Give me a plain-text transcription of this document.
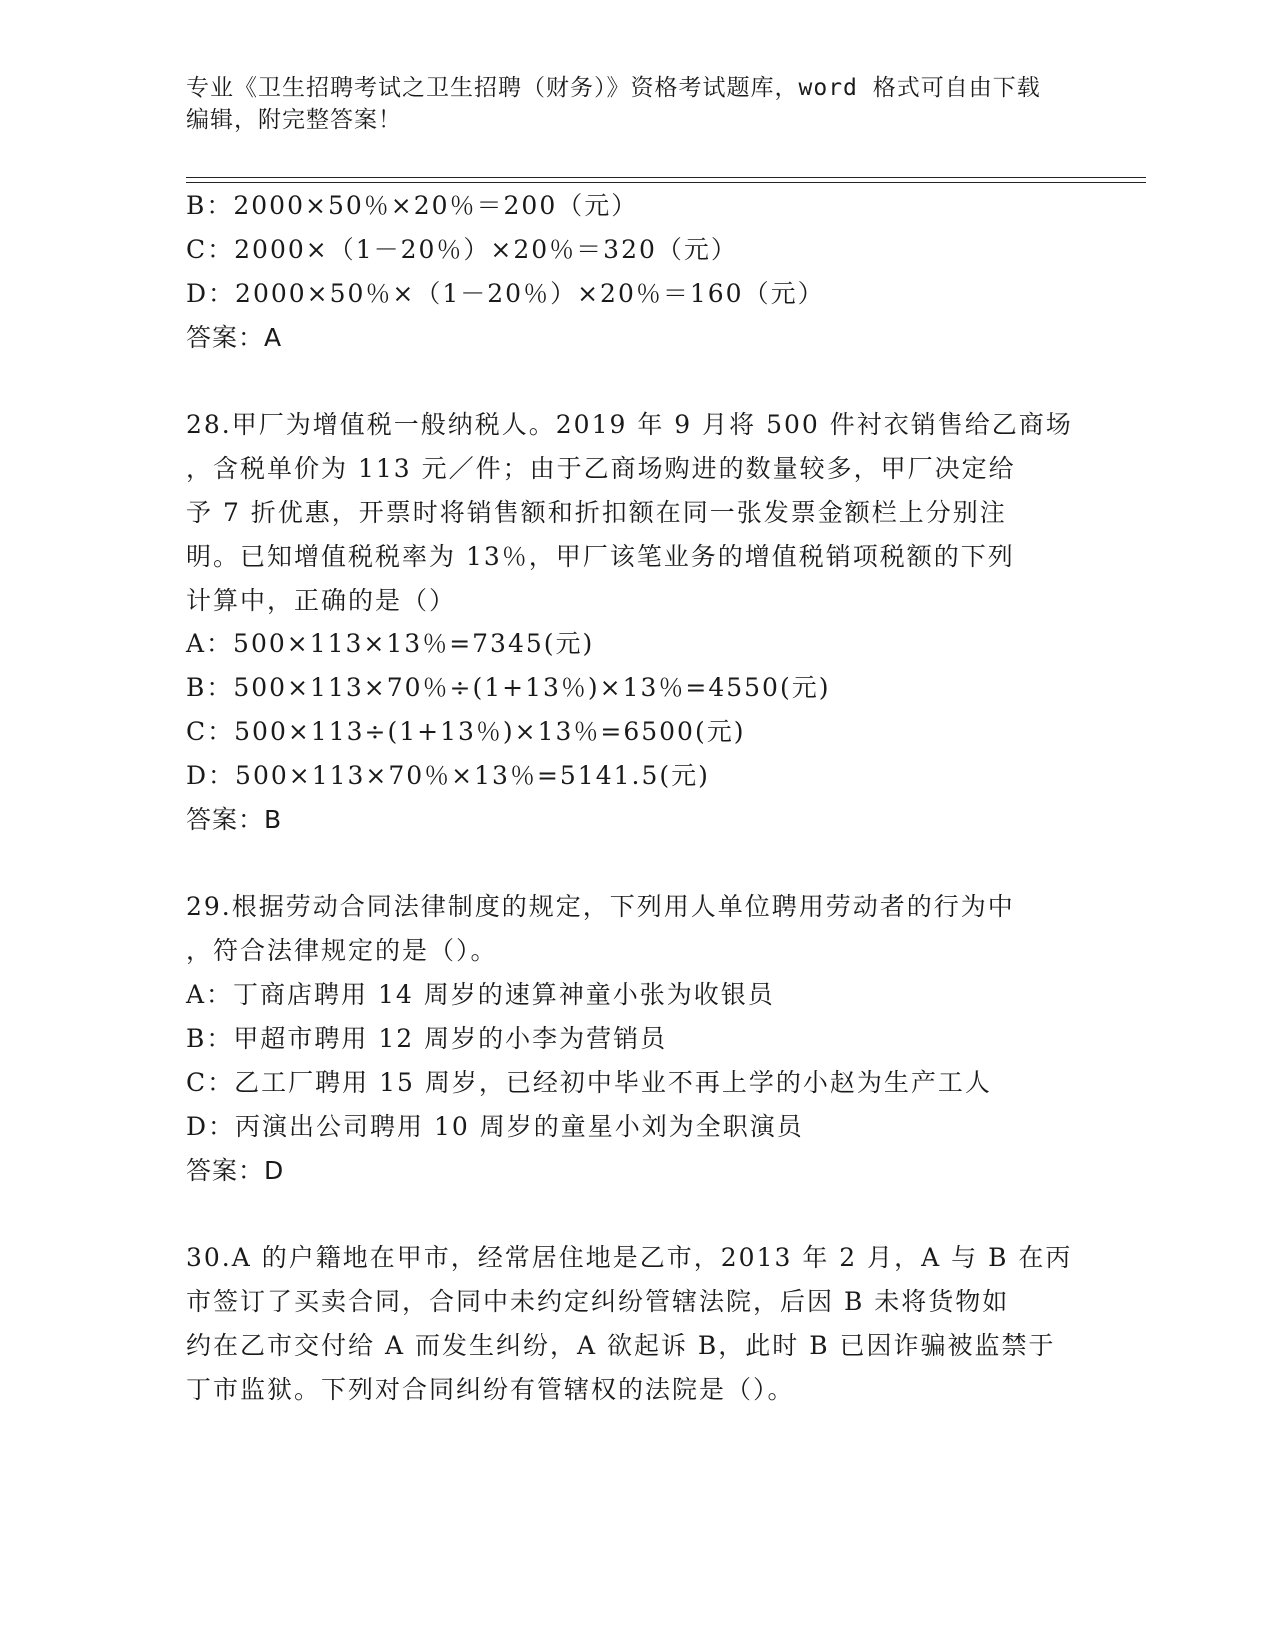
专业《卫生招聘考试之卫生招聘（财务）》资格考试题库，word 格式可自由下载
编辑，附完整答案！
B：2000×50％×20％＝200（元）
C：2000×（1－20％）×20％＝320（元）
D：2000×50％×（1－20％）×20％＝160（元）
答案：A
28.甲厂为增值税一般纳税人。2019 年 9 月将 500 件衬衣销售给乙商场
，含税单价为 113 元／件；由于乙商场购进的数量较多，甲厂决定给
予 7 折优惠，开票时将销售额和折扣额在同一张发票金额栏上分别注
明。已知增值税税率为 13％，甲厂该笔业务的增值税销项税额的下列
计算中，正确的是（）
A：500×113×13％=7345(元)
B：500×113×70％÷(1+13％)×13％=4550(元)
C：500×113÷(1+13％)×13％=6500(元)
D：500×113×70％×13％=5141.5(元)
答案：B
29.根据劳动合同法律制度的规定，下列用人单位聘用劳动者的行为中
，符合法律规定的是（）。
A：丁商店聘用 14 周岁的速算神童小张为收银员
B：甲超市聘用 12 周岁的小李为营销员
C：乙工厂聘用 15 周岁，已经初中毕业不再上学的小赵为生产工人
D：丙演出公司聘用 10 周岁的童星小刘为全职演员
答案：D
30.A 的户籍地在甲市，经常居住地是乙市，2013 年 2 月，A 与 B 在丙
市签订了买卖合同，合同中未约定纠纷管辖法院，后因 B 未将货物如
约在乙市交付给 A 而发生纠纷，A 欲起诉 B，此时 B 已因诈骗被监禁于
丁市监狱。下列对合同纠纷有管辖权的法院是（）。
